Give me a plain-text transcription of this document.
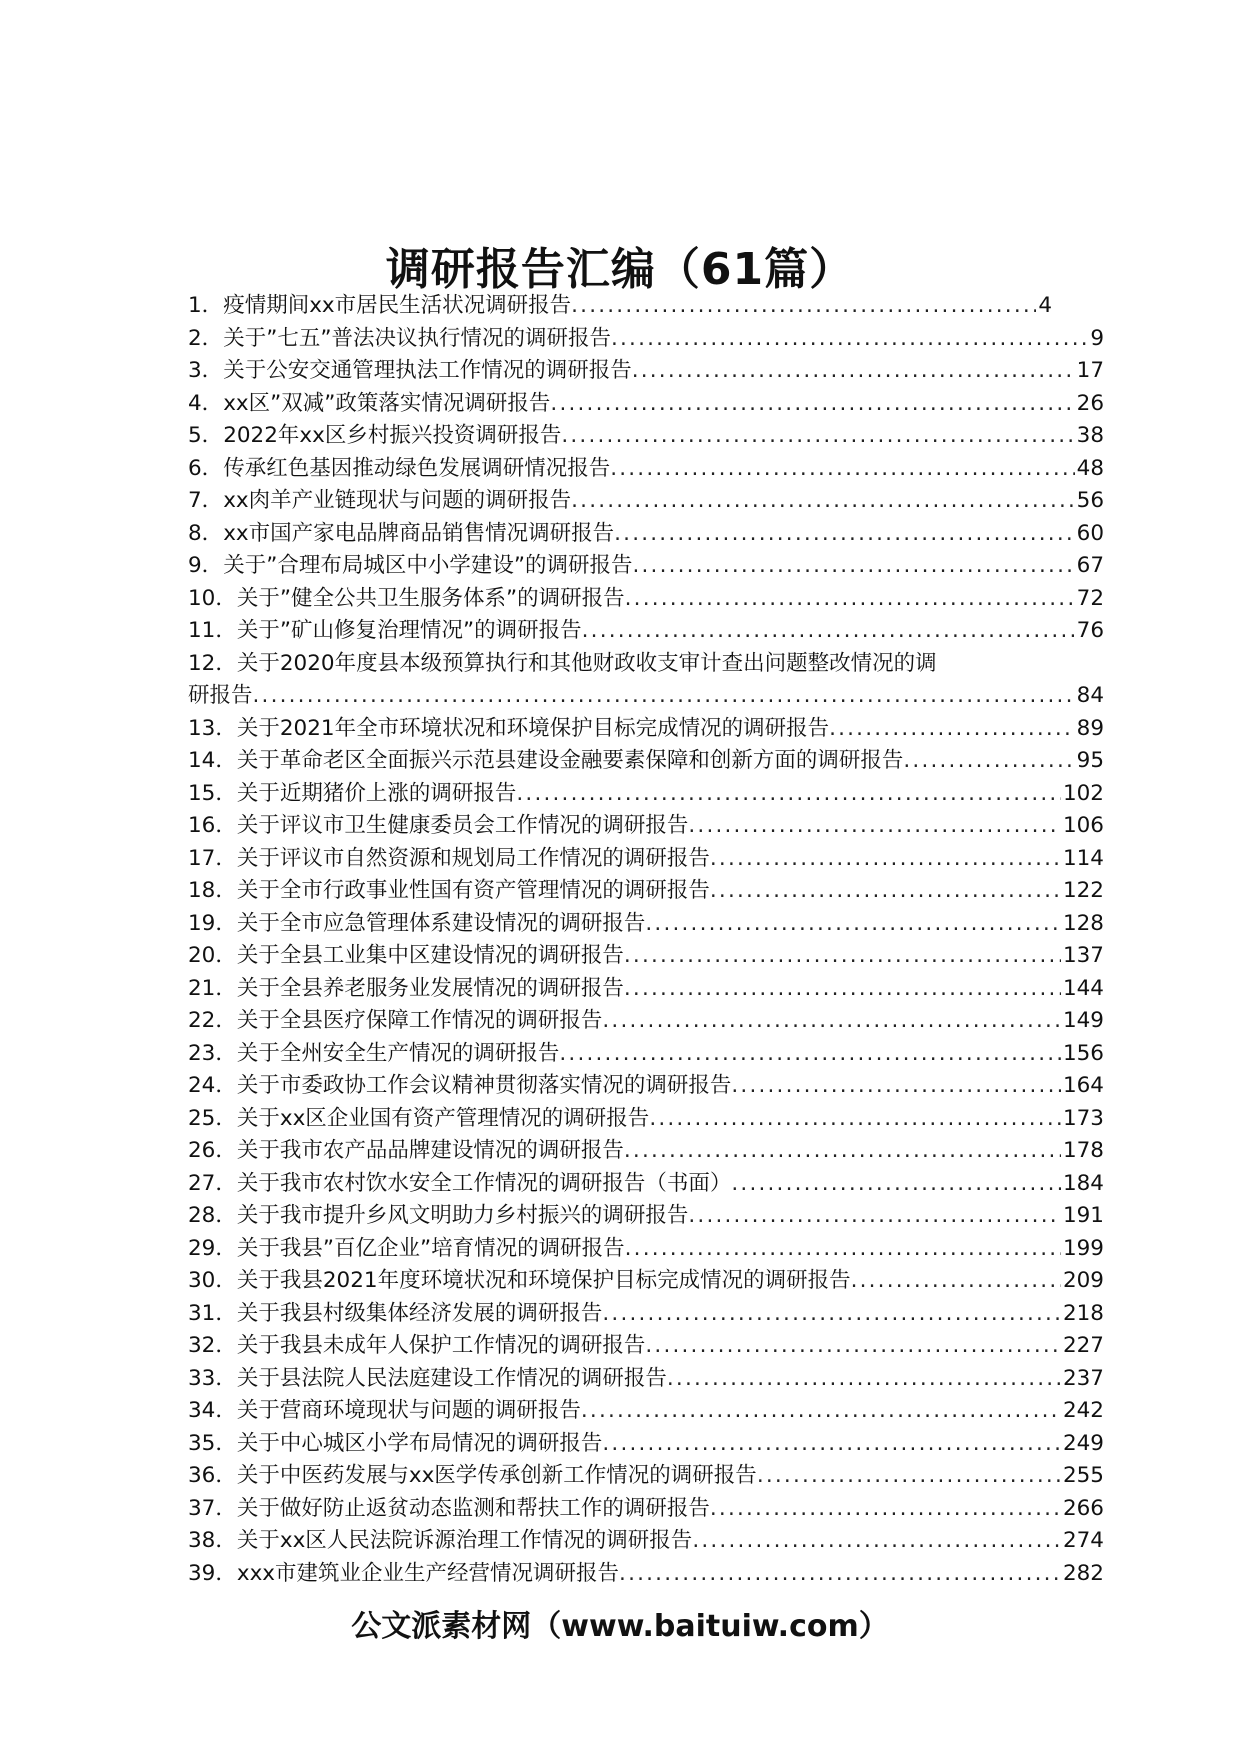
调研报告汇编（61篇）
1． 疫情期间xx市居民生活状况调研报告 .....	4
2． 关于”七五”普法决议执行情况的调研报告 .....	9
3． 关于公安交通管理执法工作情况的调研报告 .....	17
4． xx区”双减”政策落实情况调研报告 .....	26
5． 2022年xx区乡村振兴投资调研报告 .....	38
6． 传承红色基因推动绿色发展调研情况报告 .....	48
7． xx肉羊产业链现状与问题的调研报告 .....	56
8． xx市国产家电品牌商品销售情况调研报告 .....	60
9． 关于”合理布局城区中小学建设”的调研报告 .....	67
10． 关于”健全公共卫生服务体系”的调研报告 .....	72
11． 关于”矿山修复治理情况”的调研报告 .....	76
12．关于2020年度县本级预算执行和其他财政收支审计查出问题整改情况的调
研报告 .....	84
13． 关于2021年全市环境状况和环境保护目标完成情况的调研报告 .....	89
14． 关于革命老区全面振兴示范县建设金融要素保障和创新方面的调研报告 .....	95
15． 关于近期猪价上涨的调研报告 .....	102
16． 关于评议市卫生健康委员会工作情况的调研报告 .....	106
17． 关于评议市自然资源和规划局工作情况的调研报告 .....	114
18． 关于全市行政事业性国有资产管理情况的调研报告 .....	122
19． 关于全市应急管理体系建设情况的调研报告 .....	128
20． 关于全县工业集中区建设情况的调研报告 .....	137
21． 关于全县养老服务业发展情况的调研报告 .....	144
22． 关于全县医疗保障工作情况的调研报告 .....	149
23． 关于全州安全生产情况的调研报告 .....	156
24． 关于市委政协工作会议精神贯彻落实情况的调研报告 .....	164
25． 关于xx区企业国有资产管理情况的调研报告 .....	173
26． 关于我市农产品品牌建设情况的调研报告 .....	178
27． 关于我市农村饮水安全工作情况的调研报告（书面） .....	184
28． 关于我市提升乡风文明助力乡村振兴的调研报告 .....	191
29． 关于我县”百亿企业”培育情况的调研报告 .....	199
30． 关于我县2021年度环境状况和环境保护目标完成情况的调研报告 .....	209
31． 关于我县村级集体经济发展的调研报告 .....	218
32． 关于我县未成年人保护工作情况的调研报告 .....	227
33． 关于县法院人民法庭建设工作情况的调研报告 .....	237
34． 关于营商环境现状与问题的调研报告 .....	242
35． 关于中心城区小学布局情况的调研报告 .....	249
36． 关于中医药发展与xx医学传承创新工作情况的调研报告 .....	255
37． 关于做好防止返贫动态监测和帮扶工作的调研报告 .....	266
38． 关于xx区人民法院诉源治理工作情况的调研报告 .....	274
39． xxx市建筑业企业生产经营情况调研报告 .....	282
公文派素材网（www.baituiw.com）
